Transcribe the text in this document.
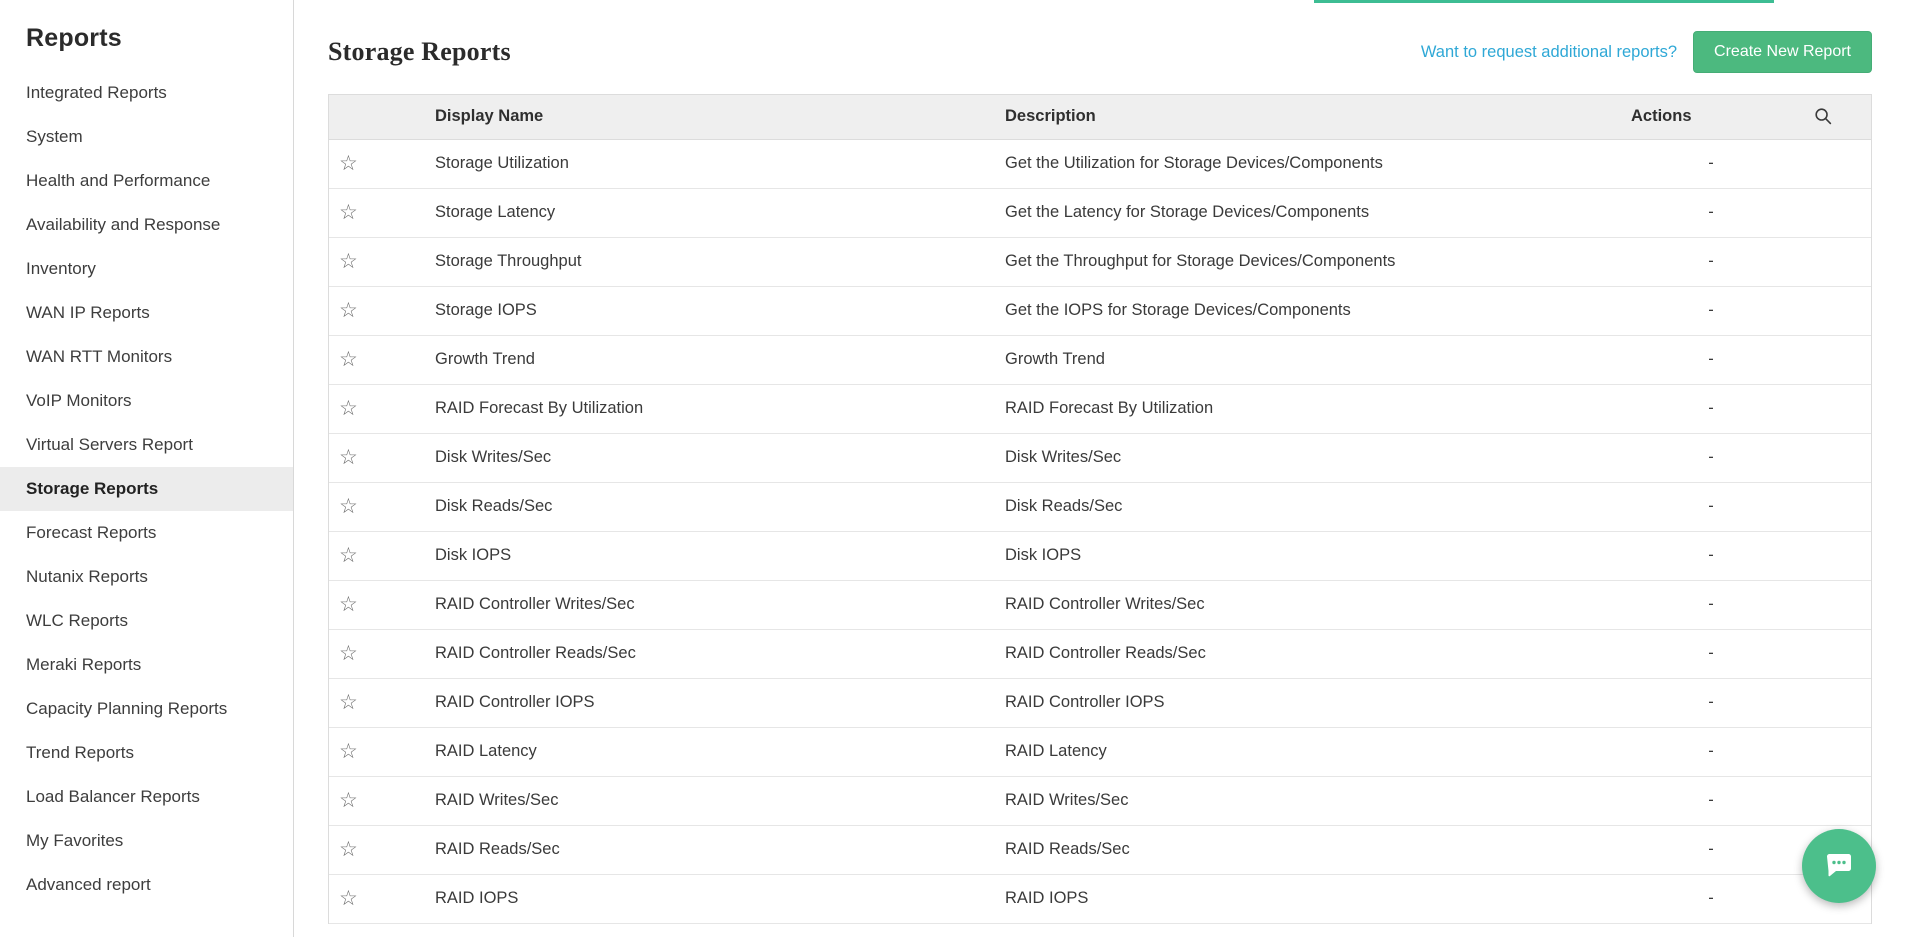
Reports
Integrated Reports
System
Health and Performance
Availability and Response
Inventory
WAN IP Reports
WAN RTT Monitors
VoIP Monitors
Virtual Servers Report
Storage Reports
Forecast Reports
Nutanix Reports
WLC Reports
Meraki Reports
Capacity Planning Reports
Trend Reports
Load Balancer Reports
My Favorites
Advanced report
Storage Reports	Want to request additional reports?	Create New Report
	Display Name	Description	Actions	

☆	Storage Utilization	Get the Utilization for Storage Devices/Components	-	
☆	Storage Latency	Get the Latency for Storage Devices/Components	-	
☆	Storage Throughput	Get the Throughput for Storage Devices/Components	-	
☆	Storage IOPS	Get the IOPS for Storage Devices/Components	-	
☆	Growth Trend	Growth Trend	-	
☆	RAID Forecast By Utilization	RAID Forecast By Utilization	-	
☆	Disk Writes/Sec	Disk Writes/Sec	-	
☆	Disk Reads/Sec	Disk Reads/Sec	-	
☆	Disk IOPS	Disk IOPS	-	
☆	RAID Controller Writes/Sec	RAID Controller Writes/Sec	-	
☆	RAID Controller Reads/Sec	RAID Controller Reads/Sec	-	
☆	RAID Controller IOPS	RAID Controller IOPS	-	
☆	RAID Latency	RAID Latency	-	
☆	RAID Writes/Sec	RAID Writes/Sec	-	
☆	RAID Reads/Sec	RAID Reads/Sec	-	
☆	RAID IOPS	RAID IOPS	-	
